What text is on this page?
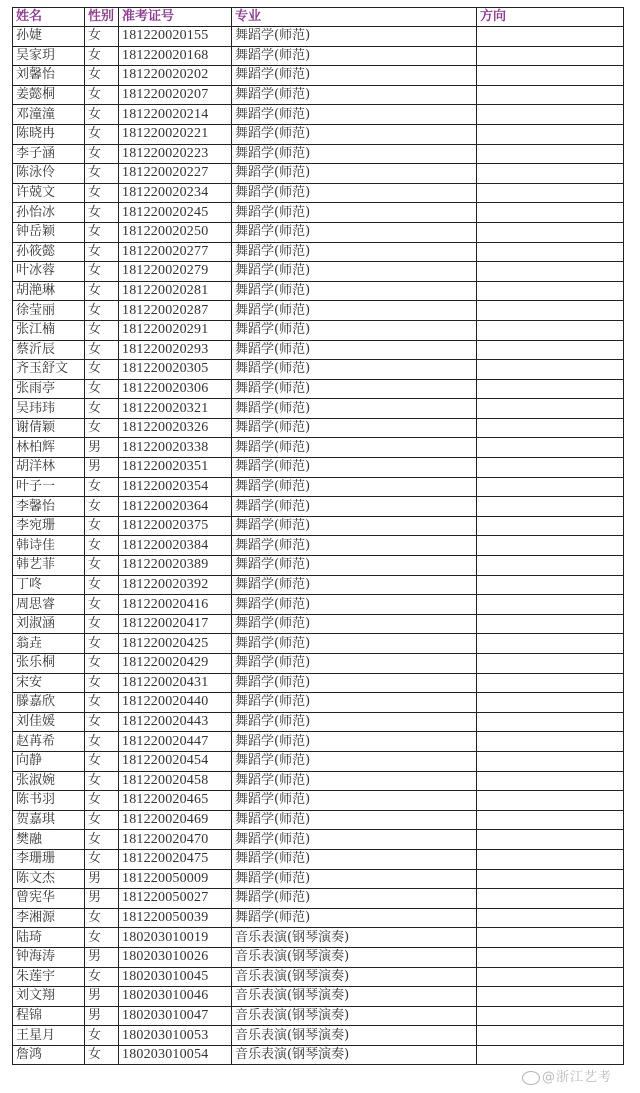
姓名	性别	准考证号	专业	方向
孙婕	女	181220020155	舞蹈学(师范)	
吴家玥	女	181220020168	舞蹈学(师范)	
刘馨怡	女	181220020202	舞蹈学(师范)	
姜懿桐	女	181220020207	舞蹈学(师范)	
邓潼潼	女	181220020214	舞蹈学(师范)	
陈晓冉	女	181220020221	舞蹈学(师范)	
李子涵	女	181220020223	舞蹈学(师范)	
陈泳伶	女	181220020227	舞蹈学(师范)	
许兢文	女	181220020234	舞蹈学(师范)	
孙怡冰	女	181220020245	舞蹈学(师范)	
钟岳颖	女	181220020250	舞蹈学(师范)	
孙筱懿	女	181220020277	舞蹈学(师范)	
叶冰蓉	女	181220020279	舞蹈学(师范)	
胡滟琳	女	181220020281	舞蹈学(师范)	
徐莹丽	女	181220020287	舞蹈学(师范)	
张江楠	女	181220020291	舞蹈学(师范)	
蔡沂辰	女	181220020293	舞蹈学(师范)	
齐玉舒文	女	181220020305	舞蹈学(师范)	
张雨亭	女	181220020306	舞蹈学(师范)	
吴玮玮	女	181220020321	舞蹈学(师范)	
谢倩颖	女	181220020326	舞蹈学(师范)	
林柏辉	男	181220020338	舞蹈学(师范)	
胡洋林	男	181220020351	舞蹈学(师范)	
叶子一	女	181220020354	舞蹈学(师范)	
李馨怡	女	181220020364	舞蹈学(师范)	
李宛珊	女	181220020375	舞蹈学(师范)	
韩诗佳	女	181220020384	舞蹈学(师范)	
韩艺菲	女	181220020389	舞蹈学(师范)	
丁咚	女	181220020392	舞蹈学(师范)	
周思睿	女	181220020416	舞蹈学(师范)	
刘淑涵	女	181220020417	舞蹈学(师范)	
翁垚	女	181220020425	舞蹈学(师范)	
张乐桐	女	181220020429	舞蹈学(师范)	
宋安	女	181220020431	舞蹈学(师范)	
滕嘉欣	女	181220020440	舞蹈学(师范)	
刘佳媛	女	181220020443	舞蹈学(师范)	
赵苒希	女	181220020447	舞蹈学(师范)	
向静	女	181220020454	舞蹈学(师范)	
张淑婉	女	181220020458	舞蹈学(师范)	
陈书羽	女	181220020465	舞蹈学(师范)	
贺嘉琪	女	181220020469	舞蹈学(师范)	
樊融	女	181220020470	舞蹈学(师范)	
李珊珊	女	181220020475	舞蹈学(师范)	
陈文杰	男	181220050009	舞蹈学(师范)	
曾宪华	男	181220050027	舞蹈学(师范)	
李湘源	女	181220050039	舞蹈学(师范)	
陆琦	女	180203010019	音乐表演(钢琴演奏)	
钟海涛	男	180203010026	音乐表演(钢琴演奏)	
朱莲宇	女	180203010045	音乐表演(钢琴演奏)	
刘文翔	男	180203010046	音乐表演(钢琴演奏)	
程锦	男	180203010047	音乐表演(钢琴演奏)	
王星月	女	180203010053	音乐表演(钢琴演奏)	
詹鸿	女	180203010054	音乐表演(钢琴演奏)	
@浙江艺考
